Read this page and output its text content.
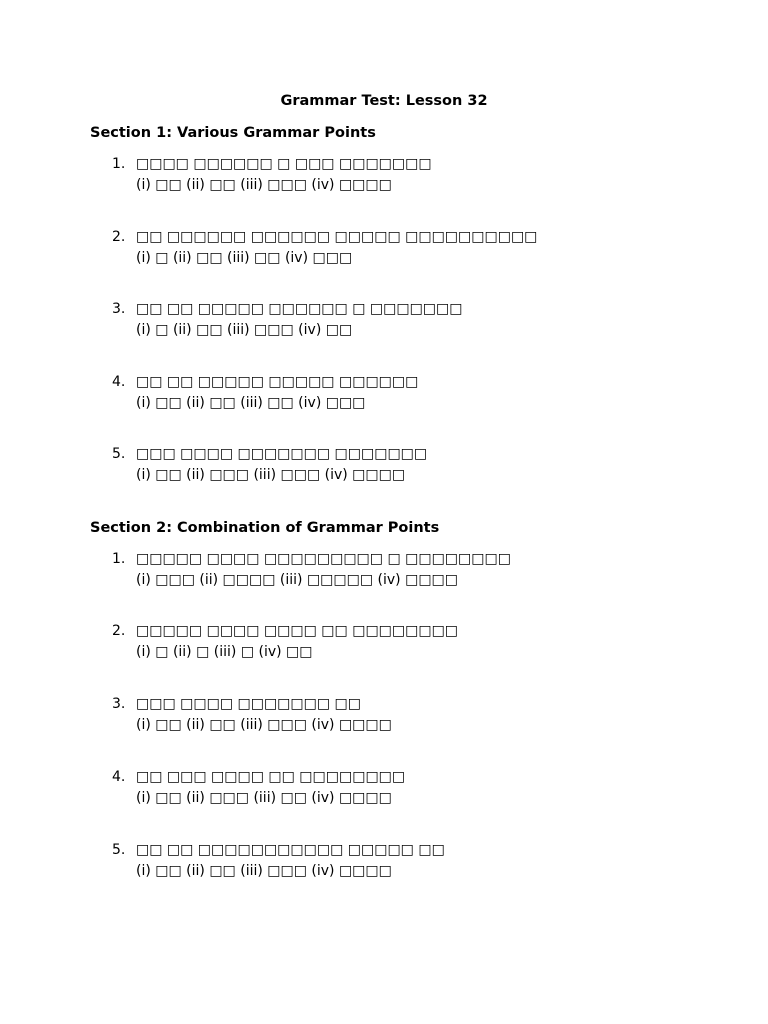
Grammar Test: Lesson 32
Section 1: Various Grammar Points
1. □□□□ □□□□□□ □ □□□ □□□□□□□
(i) □□ (ii) □□ (iii) □□□ (iv) □□□□
2. □□ □□□□□□ □□□□□□ □□□□□ □□□□□□□□□□
(i) □ (ii) □□ (iii) □□ (iv) □□□
3. □□ □□ □□□□□ □□□□□□ □ □□□□□□□
(i) □ (ii) □□ (iii) □□□ (iv) □□
4. □□ □□ □□□□□ □□□□□ □□□□□□
(i) □□ (ii) □□ (iii) □□ (iv) □□□
5. □□□ □□□□ □□□□□□□ □□□□□□□
(i) □□ (ii) □□□ (iii) □□□ (iv) □□□□
Section 2: Combination of Grammar Points
1. □□□□□ □□□□ □□□□□□□□□ □ □□□□□□□□
(i) □□□ (ii) □□□□ (iii) □□□□□ (iv) □□□□
2. □□□□□ □□□□ □□□□ □□ □□□□□□□□
(i) □ (ii) □ (iii) □ (iv) □□
3. □□□ □□□□ □□□□□□□ □□
(i) □□ (ii) □□ (iii) □□□ (iv) □□□□
4. □□ □□□ □□□□ □□ □□□□□□□□
(i) □□ (ii) □□□ (iii) □□ (iv) □□□□
5. □□ □□ □□□□□□□□□□□ □□□□□ □□
(i) □□ (ii) □□ (iii) □□□ (iv) □□□□
